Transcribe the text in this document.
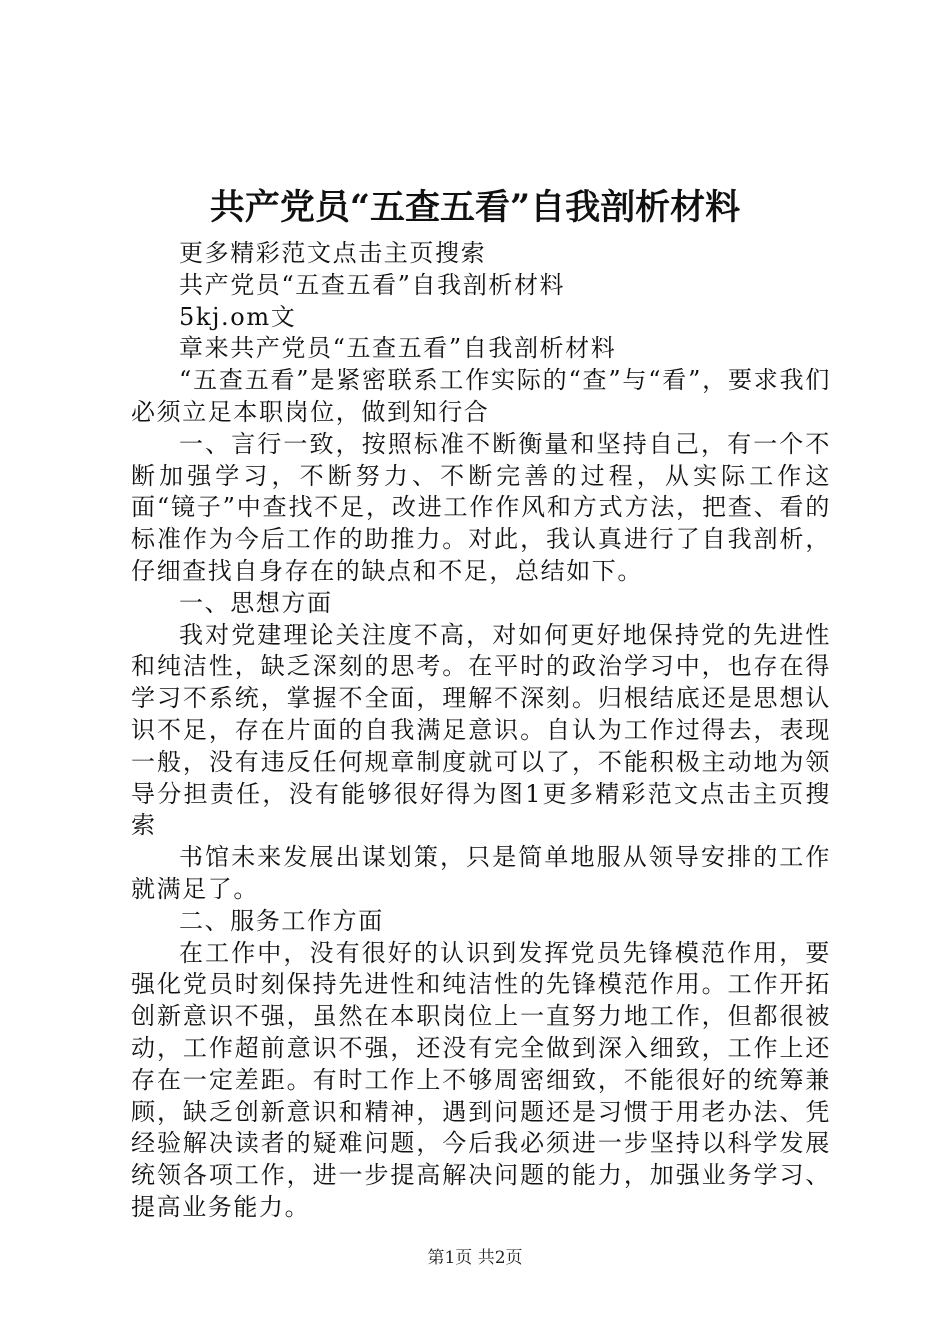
共产党员“五查五看”自我剖析材料
更多精彩范文点击主页搜索
共产党员“五查五看”自我剖析材料
5kj.om文
章来共产党员“五查五看”自我剖析材料

“五查五看”是紧密联系工作实际的“查”与“看”，要求我们必须立足本职岗位，做到知行合

一、言行一致，按照标准不断衡量和坚持自己，有一个不断加强学习，不断努力、不断完善的过程，从实际工作这面“镜子”中查找不足，改进工作作风和方式方法，把查、看的标准作为今后工作的助推力。对此，我认真进行了自我剖析，仔细查找自身存在的缺点和不足，总结如下。

一、思想方面

我对党建理论关注度不高，对如何更好地保持党的先进性和纯洁性，缺乏深刻的思考。在平时的政治学习中，也存在得学习不系统，掌握不全面，理解不深刻。归根结底还是思想认识不足，存在片面的自我满足意识。自认为工作过得去，表现一般，没有违反任何规章制度就可以了，不能积极主动地为领导分担责任，没有能够很好得为图1更多精彩范文点击主页搜索

书馆未来发展出谋划策，只是简单地服从领导安排的工作就满足了。

二、服务工作方面

在工作中，没有很好的认识到发挥党员先锋模范作用，要强化党员时刻保持先进性和纯洁性的先锋模范作用。工作开拓创新意识不强，虽然在本职岗位上一直努力地工作，但都很被动，工作超前意识不强，还没有完全做到深入细致，工作上还存在一定差距。有时工作上不够周密细致，不能很好的统筹兼顾，缺乏创新意识和精神，遇到问题还是习惯于用老办法、凭经验解决读者的疑难问题，今后我必须进一步坚持以科学发展统领各项工作，进一步提高解决问题的能力，加强业务学习、提高业务能力。

第1页 共2页
